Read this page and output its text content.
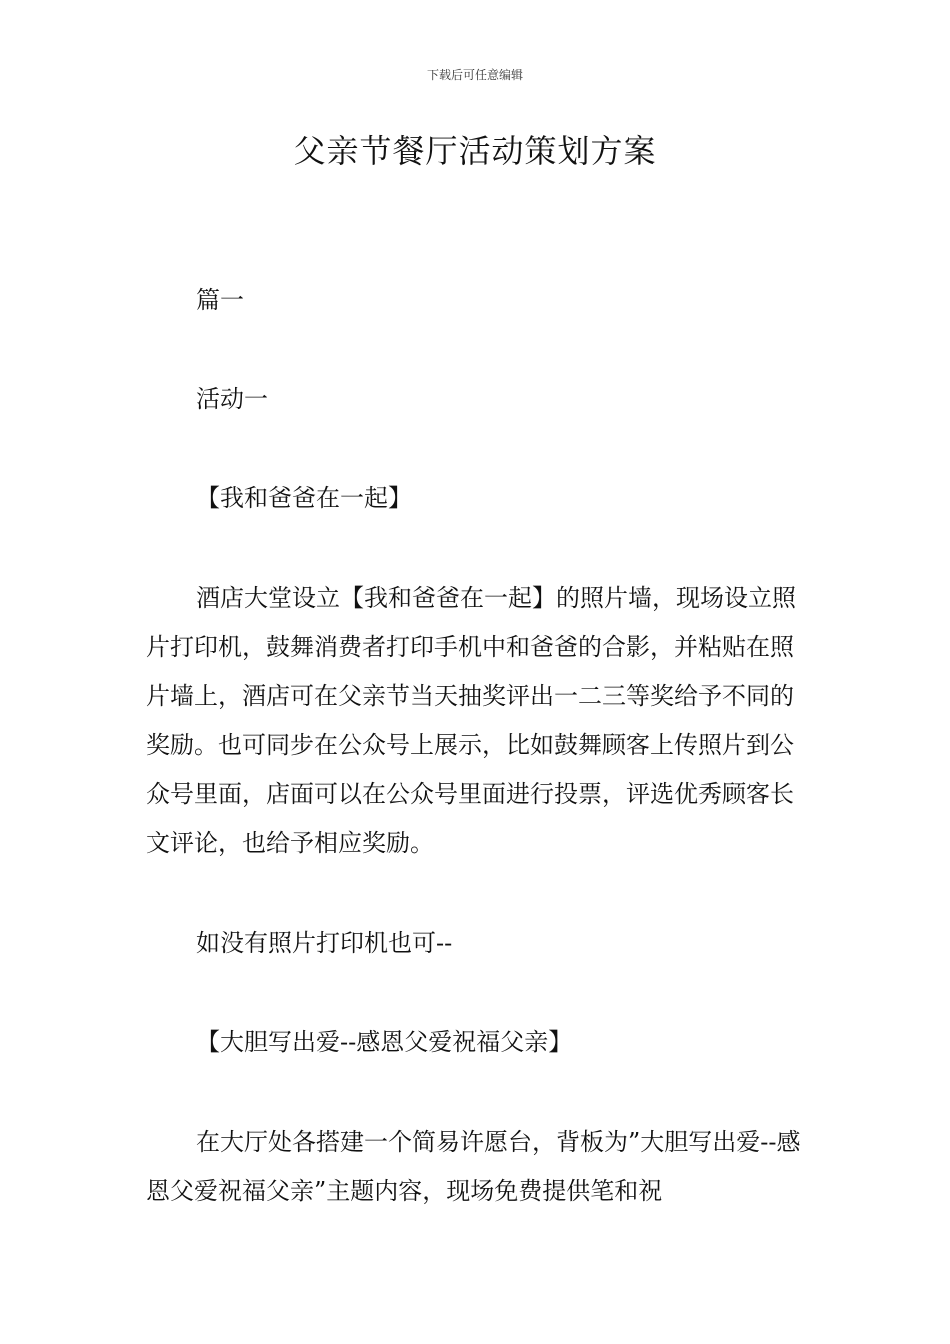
下载后可任意编辑
父亲节餐厅活动策划方案

篇一

活动一

【我和爸爸在一起】

酒店大堂设立【我和爸爸在一起】的照片墙，现场设立照片打印机，鼓舞消费者打印手机中和爸爸的合影，并粘贴在照片墙上，酒店可在父亲节当天抽奖评出一二三等奖给予不同的奖励。也可同步在公众号上展示，比如鼓舞顾客上传照片到公众号里面，店面可以在公众号里面进行投票，评选优秀顾客长文评论，也给予相应奖励。

如没有照片打印机也可--

【大胆写出爱--感恩父爱祝福父亲】

在大厅处各搭建一个简易许愿台，背板为”大胆写出爱--感恩父爱祝福父亲”主题内容，现场免费提供笔和祝
